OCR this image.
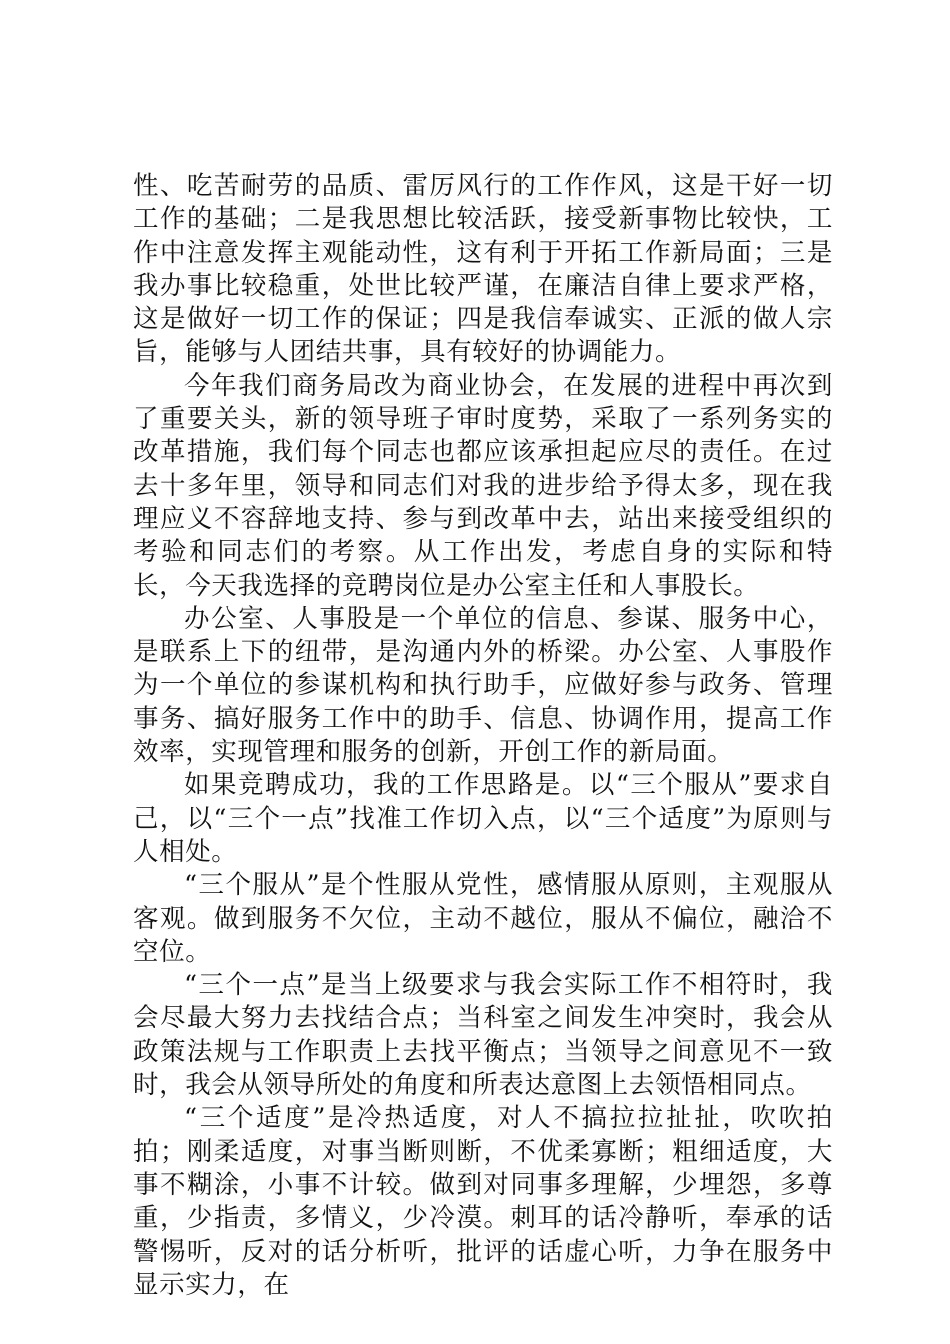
性、吃苦耐劳的品质、雷厉风行的工作作风，这是干好一切工作的基础；二是我思想比较活跃，接受新事物比较快，工作中注意发挥主观能动性，这有利于开拓工作新局面；三是我办事比较稳重，处世比较严谨，在廉洁自律上要求严格，这是做好一切工作的保证；四是我信奉诚实、正派的做人宗旨，能够与人团结共事，具有较好的协调能力。

今年我们商务局改为商业协会，在发展的进程中再次到了重要关头，新的领导班子审时度势，采取了一系列务实的改革措施，我们每个同志也都应该承担起应尽的责任。在过去十多年里，领导和同志们对我的进步给予得太多，现在我理应义不容辞地支持、参与到改革中去，站出来接受组织的考验和同志们的考察。从工作出发，考虑自身的实际和特长，今天我选择的竞聘岗位是办公室主任和人事股长。

办公室、人事股是一个单位的信息、参谋、服务中心，是联系上下的纽带，是沟通内外的桥梁。办公室、人事股作为一个单位的参谋机构和执行助手，应做好参与政务、管理事务、搞好服务工作中的助手、信息、协调作用，提高工作效率，实现管理和服务的创新，开创工作的新局面。

如果竞聘成功，我的工作思路是。以“三个服从”要求自己，以“三个一点”找准工作切入点，以“三个适度”为原则与人相处。

“三个服从”是个性服从党性，感情服从原则，主观服从客观。做到服务不欠位，主动不越位，服从不偏位，融洽不空位。

“三个一点”是当上级要求与我会实际工作不相符时，我会尽最大努力去找结合点；当科室之间发生冲突时，我会从政策法规与工作职责上去找平衡点；当领导之间意见不一致时，我会从领导所处的角度和所表达意图上去领悟相同点。

“三个适度”是冷热适度，对人不搞拉拉扯扯，吹吹拍拍；刚柔适度，对事当断则断，不优柔寡断；粗细适度，大事不糊涂，小事不计较。做到对同事多理解，少埋怨，多尊重，少指责，多情义，少冷漠。刺耳的话冷静听，奉承的话警惕听，反对的话分析听，批评的话虚心听，力争在服务中显示实力，在
